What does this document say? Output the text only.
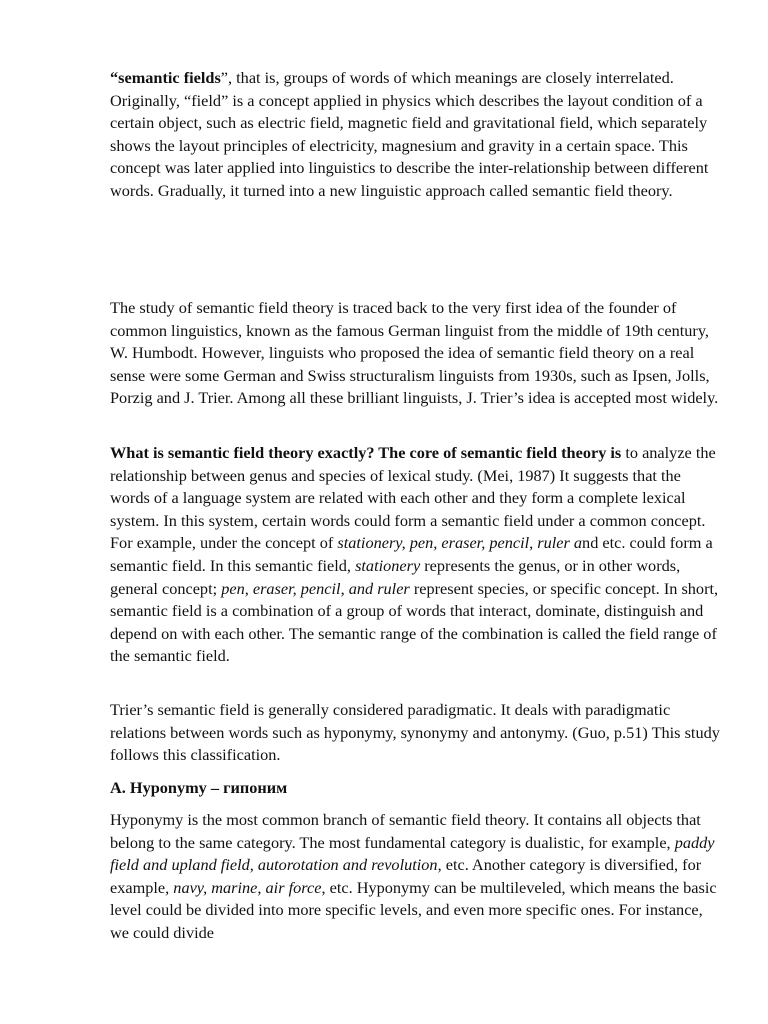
“semantic fields”, that is, groups of words of which meanings are closely interrelated. Originally, “field” is a concept applied in physics which describes the layout condition of a certain object, such as electric field, magnetic field and gravitational field, which separately shows the layout principles of electricity, magnesium and gravity in a certain space. This concept was later applied into linguistics to describe the inter-relationship between different words. Gradually, it turned into a new linguistic approach called semantic field theory.

The study of semantic field theory is traced back to the very first idea of the founder of common linguistics, known as the famous German linguist from the middle of 19th century, W. Humbodt. However, linguists who proposed the idea of semantic field theory on a real sense were some German and Swiss structuralism linguists from 1930s, such as Ipsen, Jolls, Porzig and J. Trier. Among all these brilliant linguists, J. Trier’s idea is accepted most widely.

What is semantic field theory exactly? The core of semantic field theory is to analyze the relationship between genus and species of lexical study. (Mei, 1987) It suggests that the words of a language system are related with each other and they form a complete lexical system. In this system, certain words could form a semantic field under a common concept. For example, under the concept of stationery, pen, eraser, pencil, ruler and etc. could form a semantic field. In this semantic field, stationery represents the genus, or in other words, general concept; pen, eraser, pencil, and ruler represent species, or specific concept. In short, semantic field is a combination of a group of words that interact, dominate, distinguish and depend on with each other. The semantic range of the combination is called the field range of the semantic field.

Trier’s semantic field is generally considered paradigmatic. It deals with paradigmatic relations between words such as hyponymy, synonymy and antonymy. (Guo, p.51) This study follows this classification.

A. Hyponymy – гипоним

Hyponymy is the most common branch of semantic field theory. It contains all objects that belong to the same category. The most fundamental category is dualistic, for example, paddy field and upland field, autorotation and revolution, etc. Another category is diversified, for example, navy, marine, air force, etc. Hyponymy can be multileveled, which means the basic level could be divided into more specific levels, and even more specific ones. For instance, we could divide
